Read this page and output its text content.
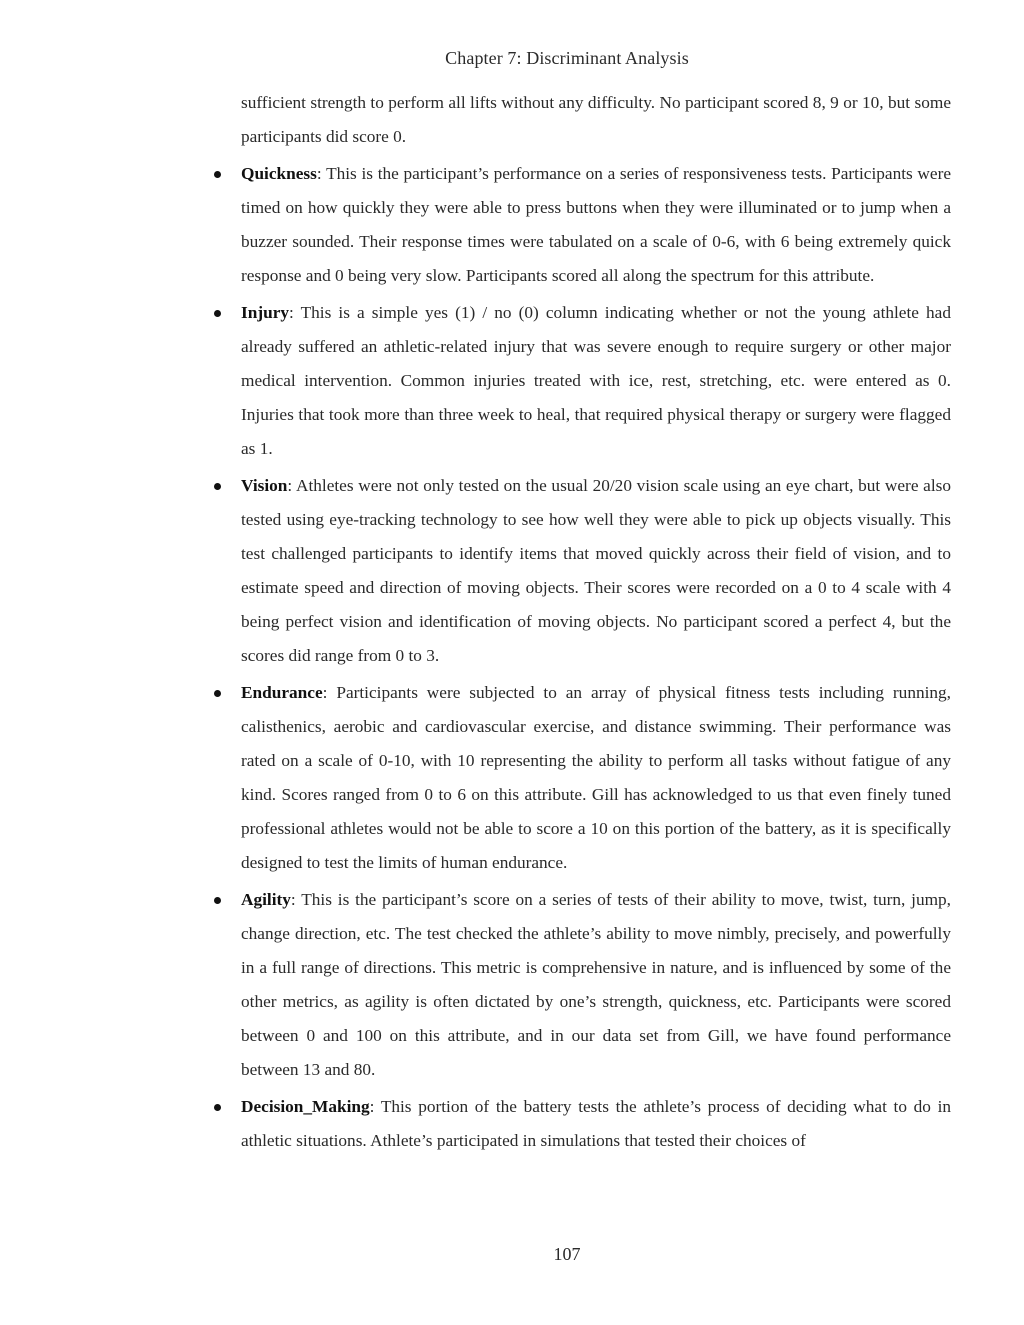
Chapter 7: Discriminant Analysis

sufficient strength to perform all lifts without any difficulty. No participant scored 8, 9 or 10, but some participants did score 0.

Quickness: This is the participant’s performance on a series of responsiveness tests. Participants were timed on how quickly they were able to press buttons when they were illuminated or to jump when a buzzer sounded. Their response times were tabulated on a scale of 0-6, with 6 being extremely quick response and 0 being very slow. Participants scored all along the spectrum for this attribute.
Injury: This is a simple yes (1) / no (0) column indicating whether or not the young athlete had already suffered an athletic-related injury that was severe enough to require surgery or other major medical intervention. Common injuries treated with ice, rest, stretching, etc. were entered as 0. Injuries that took more than three week to heal, that required physical therapy or surgery were flagged as 1.
Vision: Athletes were not only tested on the usual 20/20 vision scale using an eye chart, but were also tested using eye-tracking technology to see how well they were able to pick up objects visually. This test challenged participants to identify items that moved quickly across their field of vision, and to estimate speed and direction of moving objects. Their scores were recorded on a 0 to 4 scale with 4 being perfect vision and identification of moving objects. No participant scored a perfect 4, but the scores did range from 0 to 3.
Endurance: Participants were subjected to an array of physical fitness tests including running, calisthenics, aerobic and cardiovascular exercise, and distance swimming. Their performance was rated on a scale of 0-10, with 10 representing the ability to perform all tasks without fatigue of any kind. Scores ranged from 0 to 6 on this attribute. Gill has acknowledged to us that even finely tuned professional athletes would not be able to score a 10 on this portion of the battery, as it is specifically designed to test the limits of human endurance.
Agility: This is the participant’s score on a series of tests of their ability to move, twist, turn, jump, change direction, etc. The test checked the athlete’s ability to move nimbly, precisely, and powerfully in a full range of directions. This metric is comprehensive in nature, and is influenced by some of the other metrics, as agility is often dictated by one’s strength, quickness, etc. Participants were scored between 0 and 100 on this attribute, and in our data set from Gill, we have found performance between 13 and 80.
Decision_Making: This portion of the battery tests the athlete’s process of deciding what to do in athletic situations. Athlete’s participated in simulations that tested their choices of
107
